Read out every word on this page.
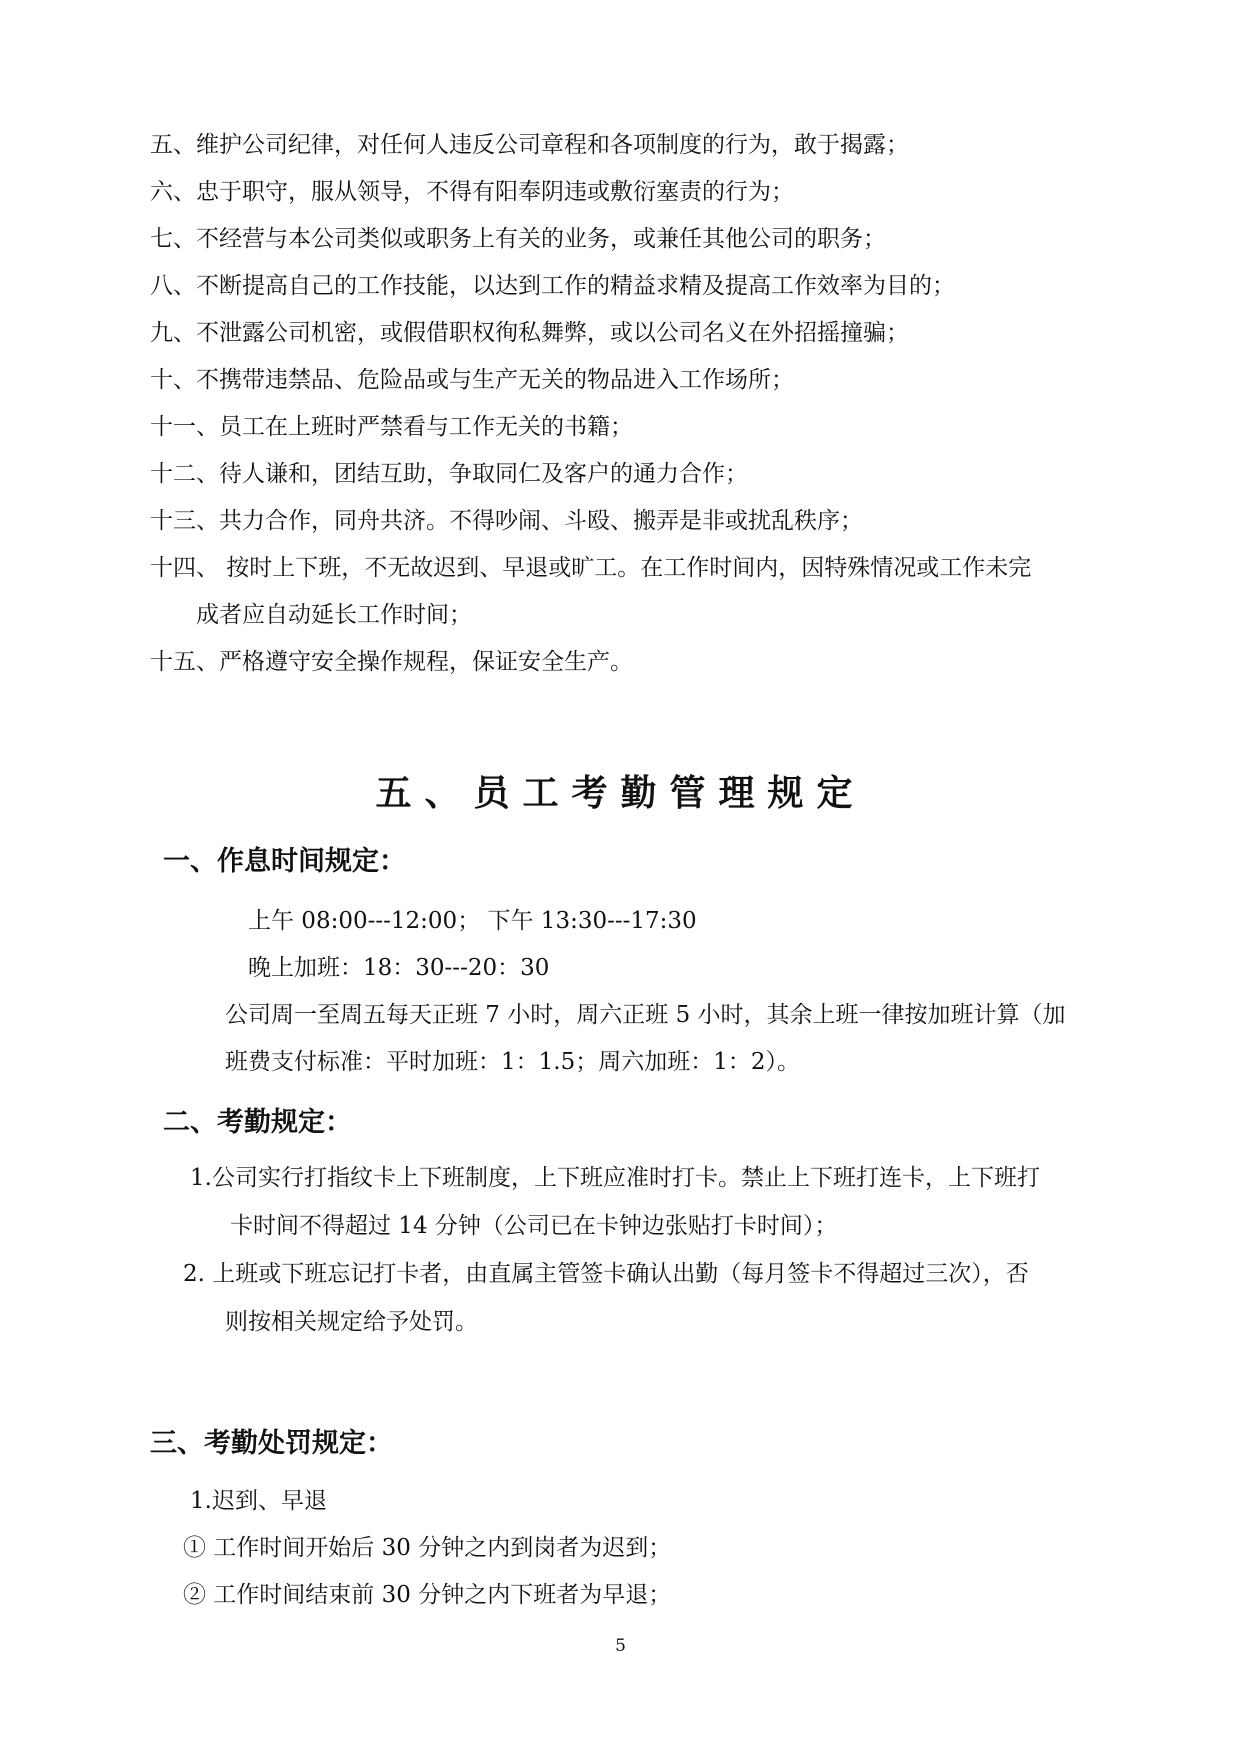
五、维护公司纪律，对任何人违反公司章程和各项制度的行为，敢于揭露；
六、忠于职守，服从领导，不得有阳奉阴违或敷衍塞责的行为；
七、不经营与本公司类似或职务上有关的业务，或兼任其他公司的职务；
八、不断提高自己的工作技能，以达到工作的精益求精及提高工作效率为目的；
九、不泄露公司机密，或假借职权徇私舞弊，或以公司名义在外招摇撞骗；
十、不携带违禁品、危险品或与生产无关的物品进入工作场所；
十一、员工在上班时严禁看与工作无关的书籍；
十二、待人谦和，团结互助，争取同仁及客户的通力合作；
十三、共力合作，同舟共济。不得吵闹、斗殴、搬弄是非或扰乱秩序；
十四、 按时上下班，不无故迟到、早退或旷工。在工作时间内，因特殊情况或工作未完
成者应自动延长工作时间；
十五、严格遵守安全操作规程，保证安全生产。
五、员工考勤管理规定
一、作息时间规定：
上午 08:00---12:00； 下午 13:30---17:30
晚上加班：18：30---20：30
公司周一至周五每天正班 7 小时，周六正班 5 小时，其余上班一律按加班计算（加
班费支付标准：平时加班：1：1.5；周六加班：1：2）。
二、考勤规定：
1.公司实行打指纹卡上下班制度，上下班应准时打卡。禁止上下班打连卡，上下班打
卡时间不得超过 14 分钟（公司已在卡钟边张贴打卡时间）；
2. 上班或下班忘记打卡者，由直属主管签卡确认出勤（每月签卡不得超过三次），否
则按相关规定给予处罚。
三、考勤处罚规定：
1.迟到、早退
① 工作时间开始后 30 分钟之内到岗者为迟到；
② 工作时间结束前 30 分钟之内下班者为早退；
5
